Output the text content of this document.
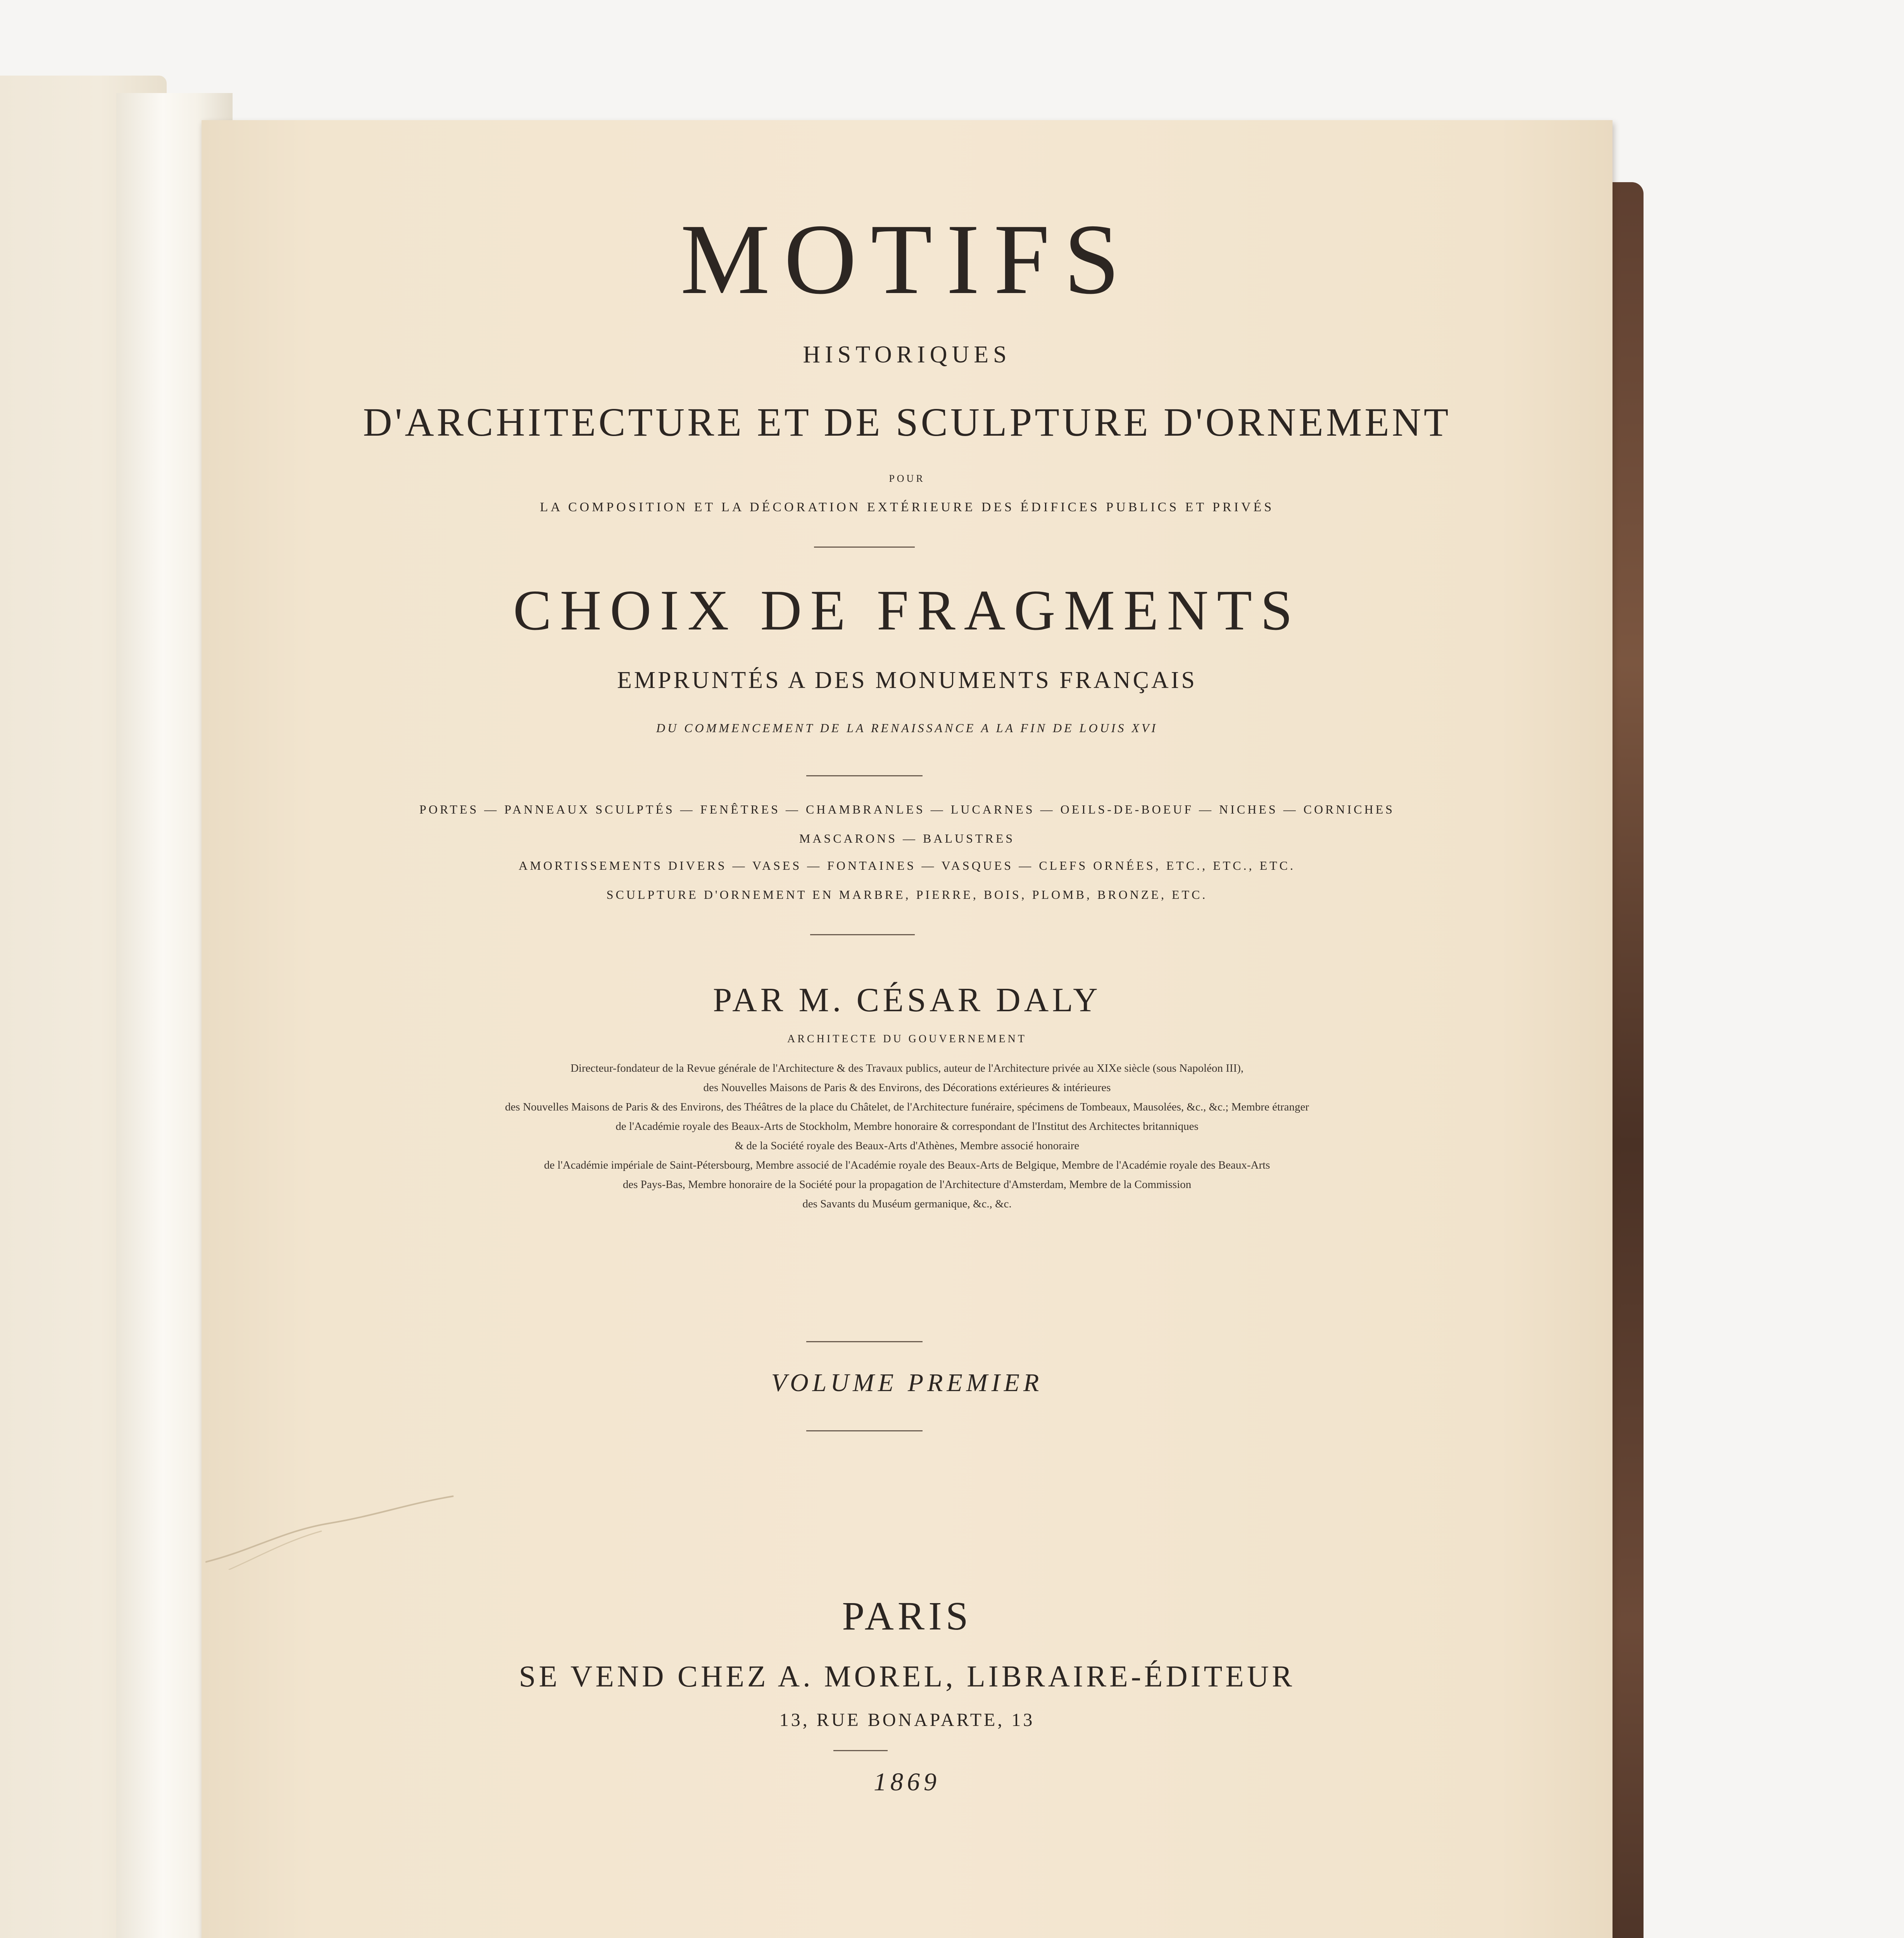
MOTIFS
HISTORIQUES
D'ARCHITECTURE ET DE SCULPTURE D'ORNEMENT
POUR
LA COMPOSITION ET LA DÉCORATION EXTÉRIEURE DES ÉDIFICES PUBLICS ET PRIVÉS
CHOIX DE FRAGMENTS
EMPRUNTÉS A DES MONUMENTS FRANÇAIS
DU COMMENCEMENT DE LA RENAISSANCE A LA FIN DE LOUIS XVI
PORTES — PANNEAUX SCULPTÉS — FENÊTRES — CHAMBRANLES — LUCARNES — OEILS-DE-BOEUF — NICHES — CORNICHES
MASCARONS — BALUSTRES
AMORTISSEMENTS DIVERS — VASES — FONTAINES — VASQUES — CLEFS ORNÉES, ETC., ETC., ETC.
SCULPTURE D'ORNEMENT EN MARBRE, PIERRE, BOIS, PLOMB, BRONZE, ETC.
PAR M. CÉSAR DALY
ARCHITECTE DU GOUVERNEMENT
Directeur-fondateur de la Revue générale de l'Architecture & des Travaux publics, auteur de l'Architecture privée au XIXe siècle (sous Napoléon III),
des Nouvelles Maisons de Paris & des Environs, des Décorations extérieures & intérieures
des Nouvelles Maisons de Paris & des Environs, des Théâtres de la place du Châtelet, de l'Architecture funéraire, spécimens de Tombeaux, Mausolées, &c., &c.; Membre étranger
de l'Académie royale des Beaux-Arts de Stockholm, Membre honoraire & correspondant de l'Institut des Architectes britanniques
& de la Société royale des Beaux-Arts d'Athènes, Membre associé honoraire
de l'Académie impériale de Saint-Pétersbourg, Membre associé de l'Académie royale des Beaux-Arts de Belgique, Membre de l'Académie royale des Beaux-Arts
des Pays-Bas, Membre honoraire de la Société pour la propagation de l'Architecture d'Amsterdam, Membre de la Commission
des Savants du Muséum germanique, &c., &c.
VOLUME PREMIER
PARIS
SE VEND CHEZ A. MOREL, LIBRAIRE-ÉDITEUR
13, RUE BONAPARTE, 13
1869
